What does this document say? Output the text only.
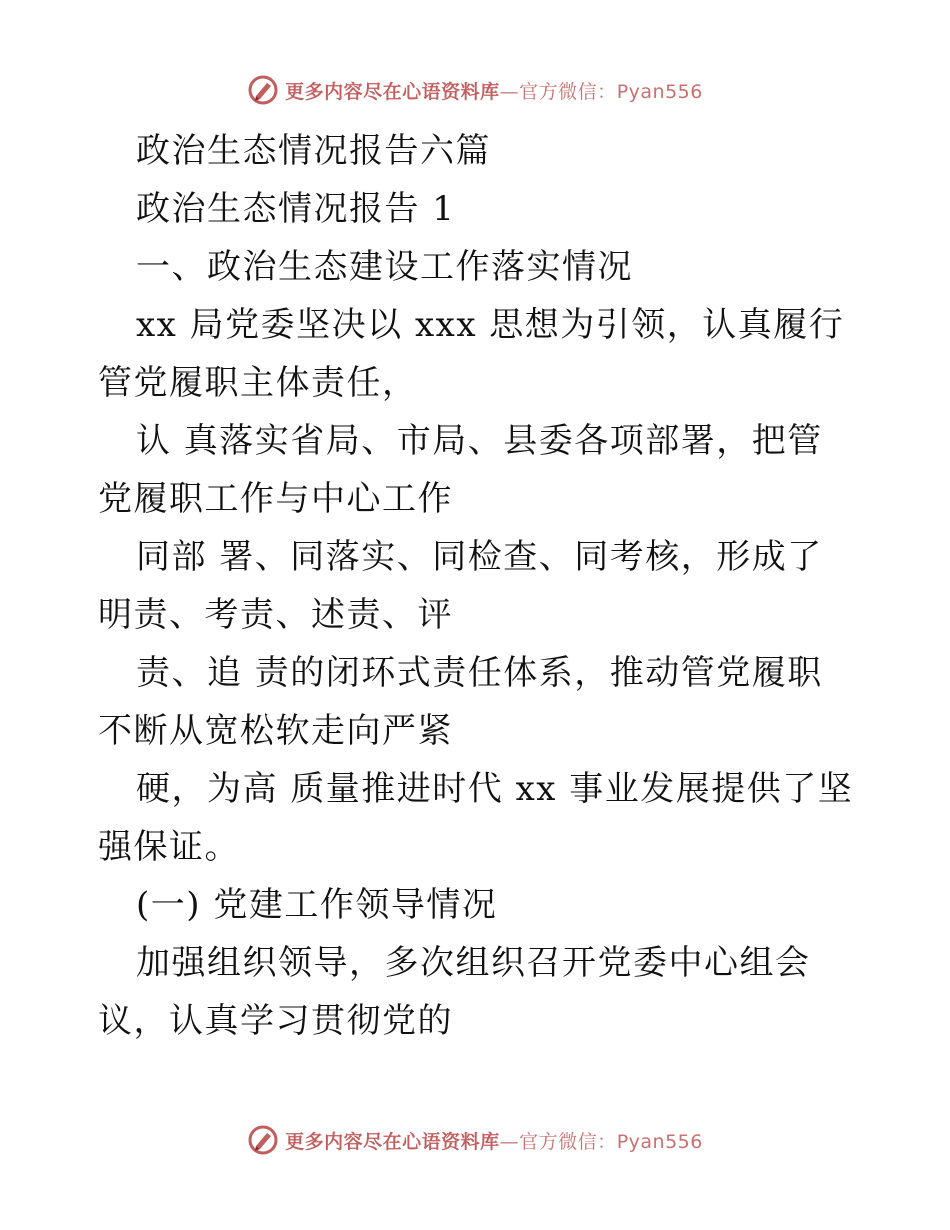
更多内容尽在心语资料库—官方微信：Pyan556

政治生态情况报告六篇

政治生态情况报告 1

一、政治生态建设工作落实情况

xx 局党委坚决以 xxx 思想为引领，认真履行管党履职主体责任，

认 真落实省局、市局、县委各项部署，把管党履职工作与中心工作

同部 署、同落实、同检查、同考核，形成了明责、考责、述责、评

责、追 责的闭环式责任体系，推动管党履职不断从宽松软走向严紧

硬，为高 质量推进时代 xx 事业发展提供了坚强保证。

(一) 党建工作领导情况

加强组织领导，多次组织召开党委中心组会议，认真学习贯彻党的

更多内容尽在心语资料库—官方微信：Pyan556
